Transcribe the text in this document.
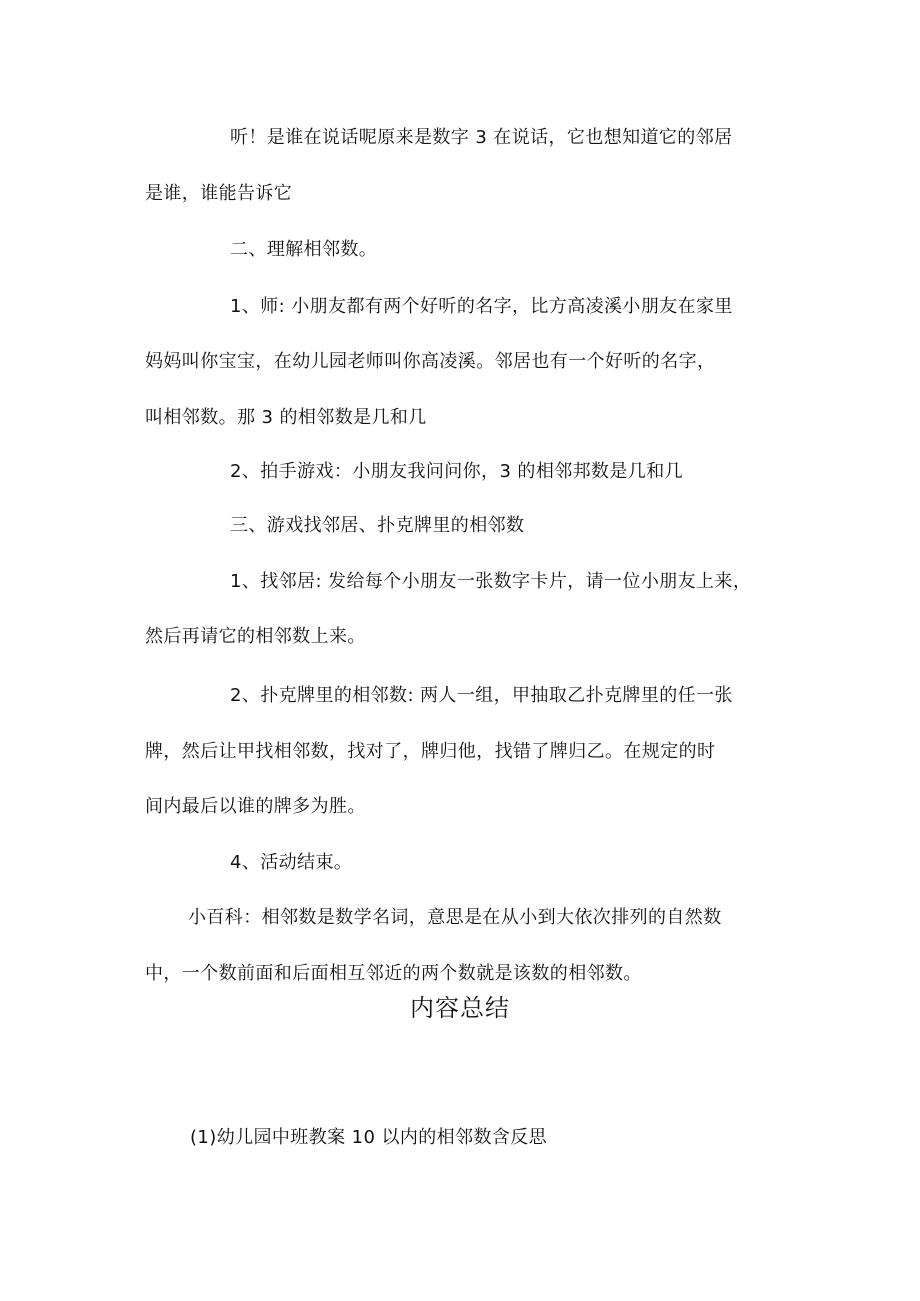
听！是谁在说话呢原来是数字 3 在说话，它也想知道它的邻居
是谁，谁能告诉它
二、理解相邻数。
1、师: 小朋友都有两个好听的名字，比方高凌溪小朋友在家里
妈妈叫你宝宝，在幼儿园老师叫你高凌溪。邻居也有一个好听的名字，
叫相邻数。那 3 的相邻数是几和几
2、拍手游戏：小朋友我问问你，3 的相邻邦数是几和几
三、游戏找邻居、扑克牌里的相邻数
1、找邻居: 发给每个小朋友一张数字卡片，请一位小朋友上来，
然后再请它的相邻数上来。
2、扑克牌里的相邻数: 两人一组，甲抽取乙扑克牌里的任一张
牌，然后让甲找相邻数，找对了，牌归他，找错了牌归乙。在规定的时
间内最后以谁的牌多为胜。
4、活动结束。
小百科：相邻数是数学名词，意思是在从小到大依次排列的自然数
中，一个数前面和后面相互邻近的两个数就是该数的相邻数。
内容总结
(1)幼儿园中班教案 10 以内的相邻数含反思
